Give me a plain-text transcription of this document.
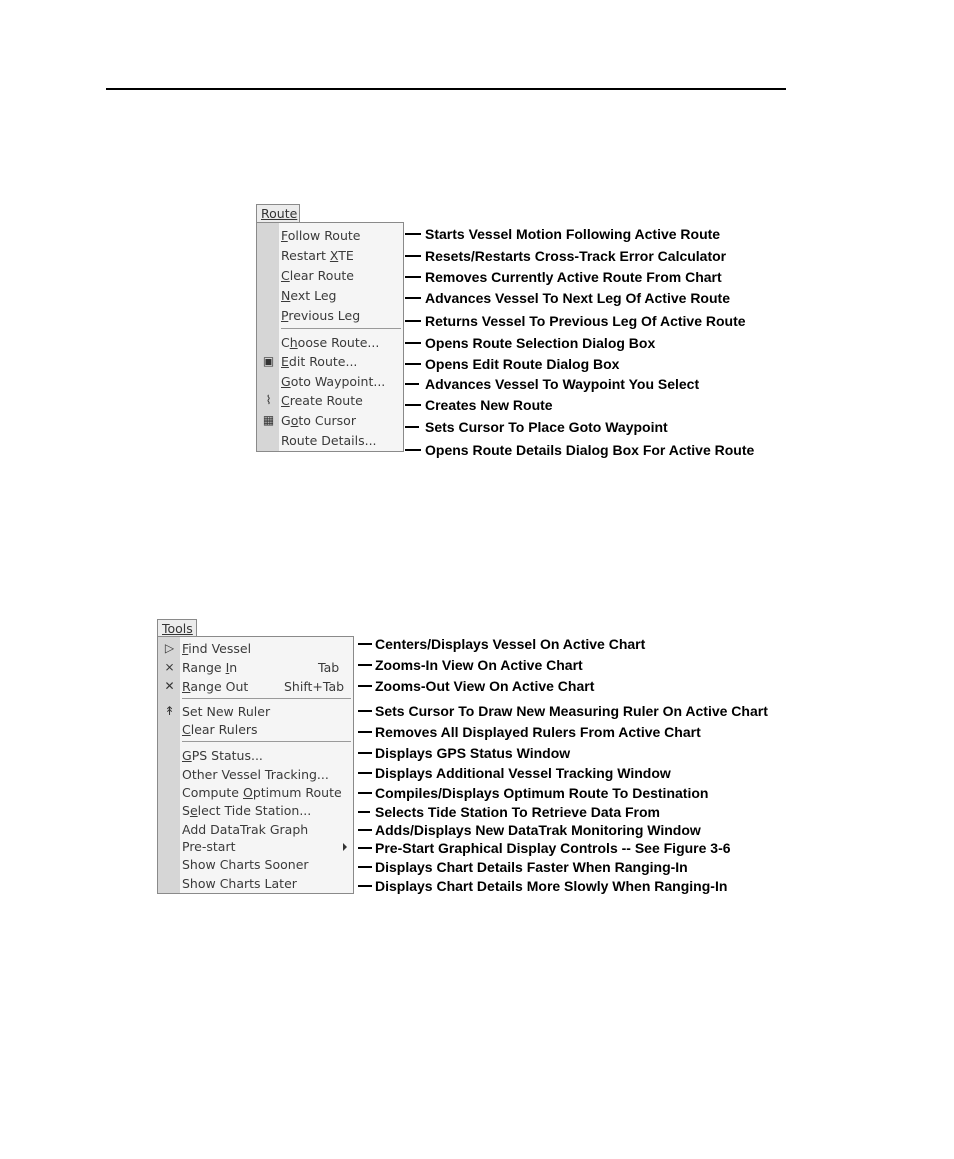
Route
Follow Route
Restart XTE
Clear Route
Next Leg
Previous Leg
Choose Route...
▣ Edit Route...
Goto Waypoint...
⌇ Create Route
▦ Goto Cursor
Route Details...
Starts Vessel Motion Following Active Route
Resets/Restarts Cross-Track Error Calculator
Removes Currently Active Route From Chart
Advances Vessel To Next Leg Of Active Route
Returns Vessel To Previous Leg Of Active Route
Opens Route Selection Dialog Box
Opens Edit Route Dialog Box
Advances Vessel To Waypoint You Select
Creates New Route
Sets Cursor To Place Goto Waypoint
Opens Route Details Dialog Box For Active Route
Tools
▷ Find Vessel
⨯ Range In	Tab
✕ Range Out	Shift+Tab
↟ Set New Ruler
Clear Rulers
GPS Status...
Other Vessel Tracking...
Compute Optimum Route
Select Tide Station...
Add DataTrak Graph
Pre-start
Show Charts Sooner
Show Charts Later
Centers/Displays Vessel On Active Chart
Zooms-In View On Active Chart
Zooms-Out View On Active Chart
Sets Cursor To Draw New Measuring Ruler On Active Chart
Removes All Displayed Rulers From Active Chart
Displays GPS Status Window
Displays Additional Vessel Tracking Window
Compiles/Displays Optimum Route To Destination
Selects Tide Station To Retrieve Data From
Adds/Displays New DataTrak Monitoring Window
Pre-Start Graphical Display Controls -- See Figure 3-6
Displays Chart Details Faster When Ranging-In
Displays Chart Details More Slowly When Ranging-In
